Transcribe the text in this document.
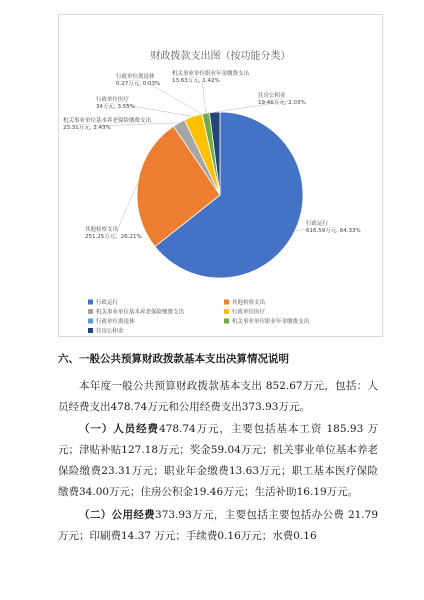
财政拨款支出图（按功能分类）
行政运行
616.59万元, 64.33%
其他检察支出
251.25万元，26.21%
机关事业单位基本养老保险缴费支出
23.31万元, 2.43%
行政单位医疗
34万元, 3.55%
行政单位离退休
0.27万元, 0.03%
机关事业单位职业年金缴费支出
13.63万元, 1.42%
住房公积金
19.46万元, 2.03%
行政运行	其他检察支出
机关事业单位基本养老保险缴费支出	行政单位医疗
行政单位离退休	机关事业单位职业年金缴费支出
住房公积金
六、一般公共预算财政拨款基本支出决算情况说明
本年度一般公共预算财政拨款基本支出 852.67万元，包括：人员经费支出478.74万元和公用经费支出373.93万元。
（一）人员经费478.74万元，主要包括基本工资 185.93 万元；津贴补贴127.18万元；奖金59.04万元；机关事业单位基本养老保险缴费23.31万元；职业年金缴费13.63万元；职工基本医疗保险缴费34.00万元；住房公积金19.46万元；生活补助16.19万元。
（二）公用经费373.93万元，主要包括主要包括办公费 21.79 万元；印刷费14.37 万元；手续费0.16万元；水费0.16
